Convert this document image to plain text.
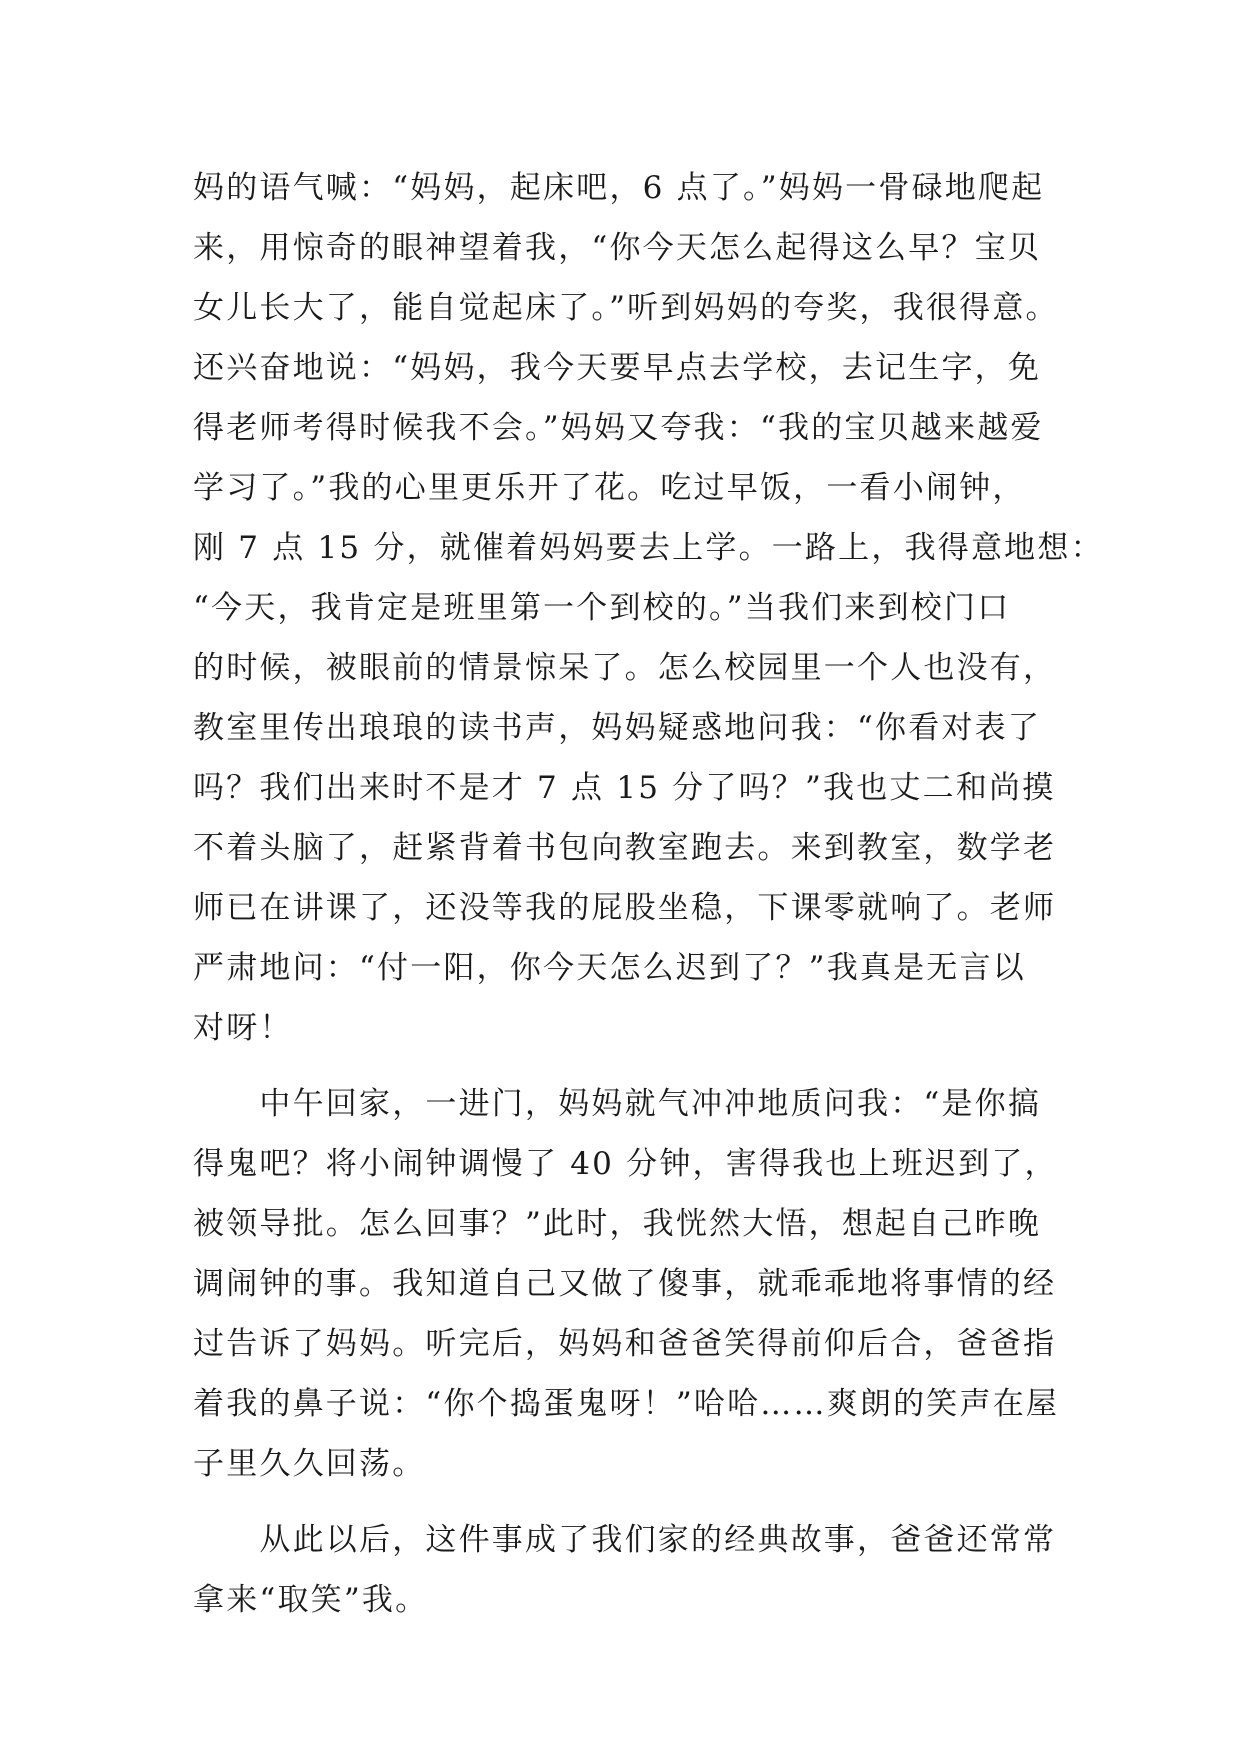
妈的语气喊：“妈妈，起床吧，6 点了。”妈妈一骨碌地爬起
来，用惊奇的眼神望着我，“你今天怎么起得这么早？宝贝
女儿长大了，能自觉起床了。”听到妈妈的夸奖，我很得意。
还兴奋地说：“妈妈，我今天要早点去学校，去记生字，免
得老师考得时候我不会。”妈妈又夸我：“我的宝贝越来越爱
学习了。”我的心里更乐开了花。吃过早饭，一看小闹钟，
刚 7 点 15 分，就催着妈妈要去上学。一路上，我得意地想：
“今天，我肯定是班里第一个到校的。”当我们来到校门口
的时候，被眼前的情景惊呆了。怎么校园里一个人也没有，
教室里传出琅琅的读书声，妈妈疑惑地问我：“你看对表了
吗？我们出来时不是才 7 点 15 分了吗？”我也丈二和尚摸
不着头脑了，赶紧背着书包向教室跑去。来到教室，数学老
师已在讲课了，还没等我的屁股坐稳，下课零就响了。老师
严肃地问：“付一阳，你今天怎么迟到了？”我真是无言以
对呀！
　　中午回家，一进门，妈妈就气冲冲地质问我：“是你搞
得鬼吧？将小闹钟调慢了 40 分钟，害得我也上班迟到了，
被领导批。怎么回事？”此时，我恍然大悟，想起自己昨晚
调闹钟的事。我知道自己又做了傻事，就乖乖地将事情的经
过告诉了妈妈。听完后，妈妈和爸爸笑得前仰后合，爸爸指
着我的鼻子说：“你个捣蛋鬼呀！”哈哈……爽朗的笑声在屋
子里久久回荡。
　　从此以后，这件事成了我们家的经典故事，爸爸还常常
拿来“取笑”我。
